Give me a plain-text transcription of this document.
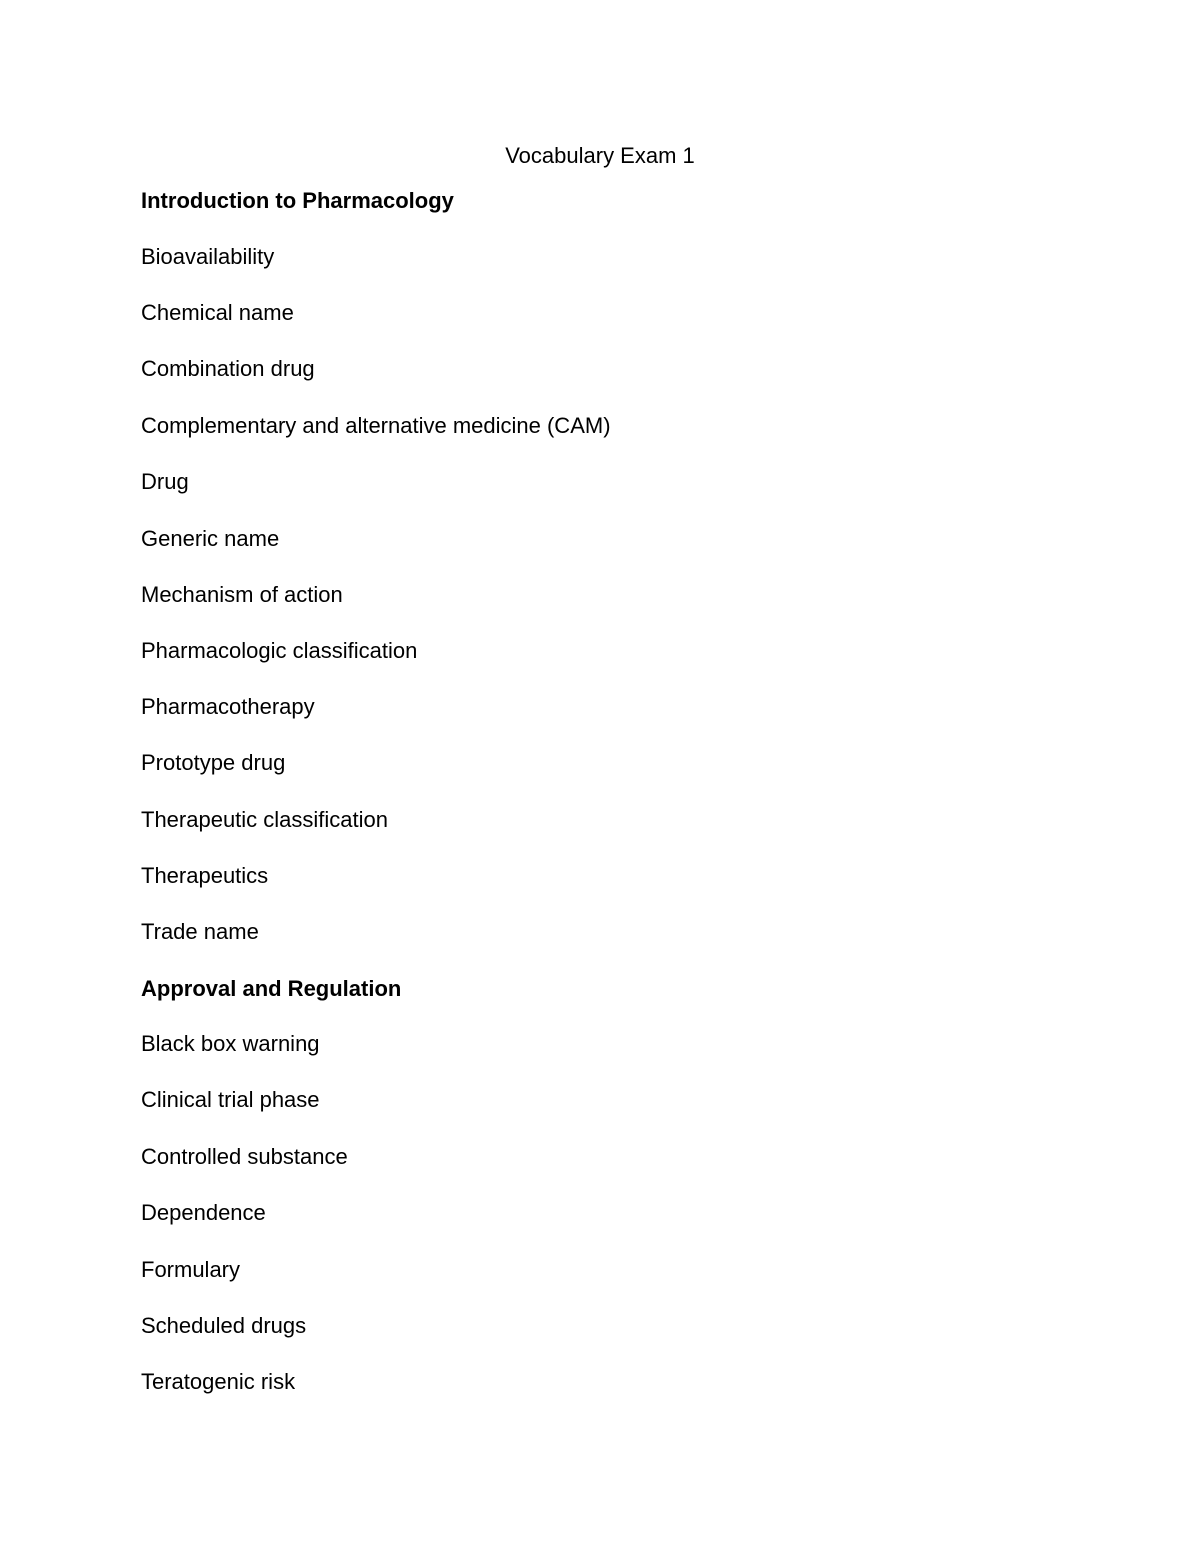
Vocabulary Exam 1
Introduction to Pharmacology
Bioavailability
Chemical name
Combination drug
Complementary and alternative medicine (CAM)
Drug
Generic name
Mechanism of action
Pharmacologic classification
Pharmacotherapy
Prototype drug
Therapeutic classification
Therapeutics
Trade name
Approval and Regulation
Black box warning
Clinical trial phase
Controlled substance
Dependence
Formulary
Scheduled drugs
Teratogenic risk
